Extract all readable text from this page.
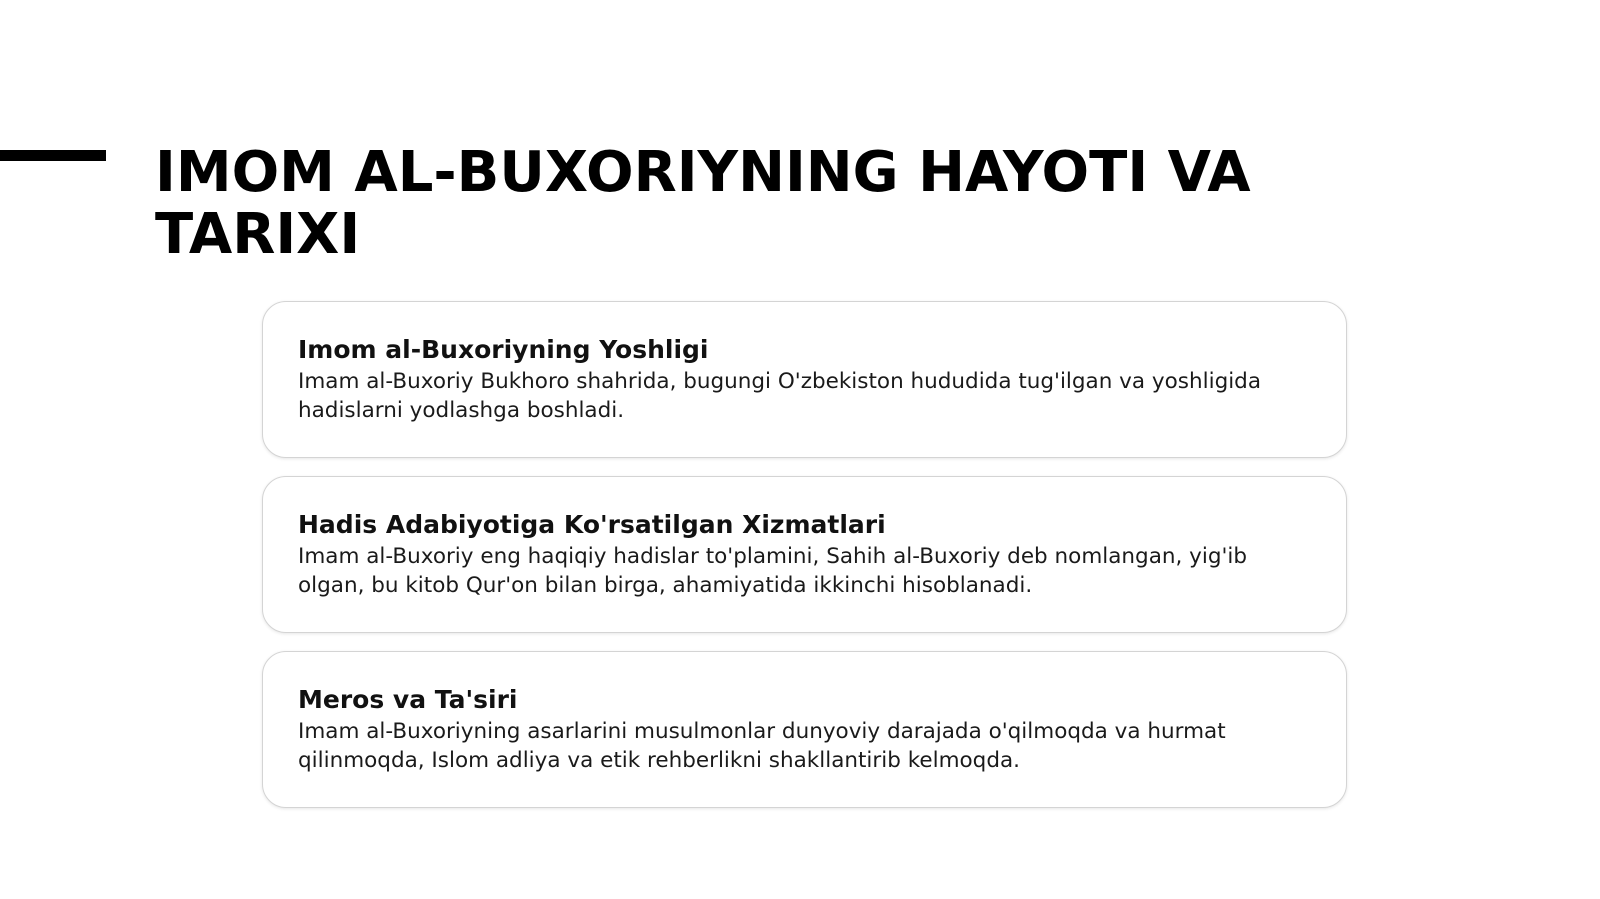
IMOM AL-BUXORIYNING HAYOTI VA TARIXI

Imom al-Buxoriyning Yoshligi

Imam al-Buxoriy Bukhoro shahrida, bugungi O'zbekiston hududida tug'ilgan va yoshligida hadislarni yodlashga boshladi.

Hadis Adabiyotiga Ko'rsatilgan Xizmatlari

Imam al-Buxoriy eng haqiqiy hadislar to'plamini, Sahih al-Buxoriy deb nomlangan, yig'ib olgan, bu kitob Qur'on bilan birga, ahamiyatida ikkinchi hisoblanadi.

Meros va Ta'siri

Imam al-Buxoriyning asarlarini musulmonlar dunyoviy darajada o'qilmoqda va hurmat qilinmoqda, Islom adliya va etik rehberlikni shakllantirib kelmoqda.
